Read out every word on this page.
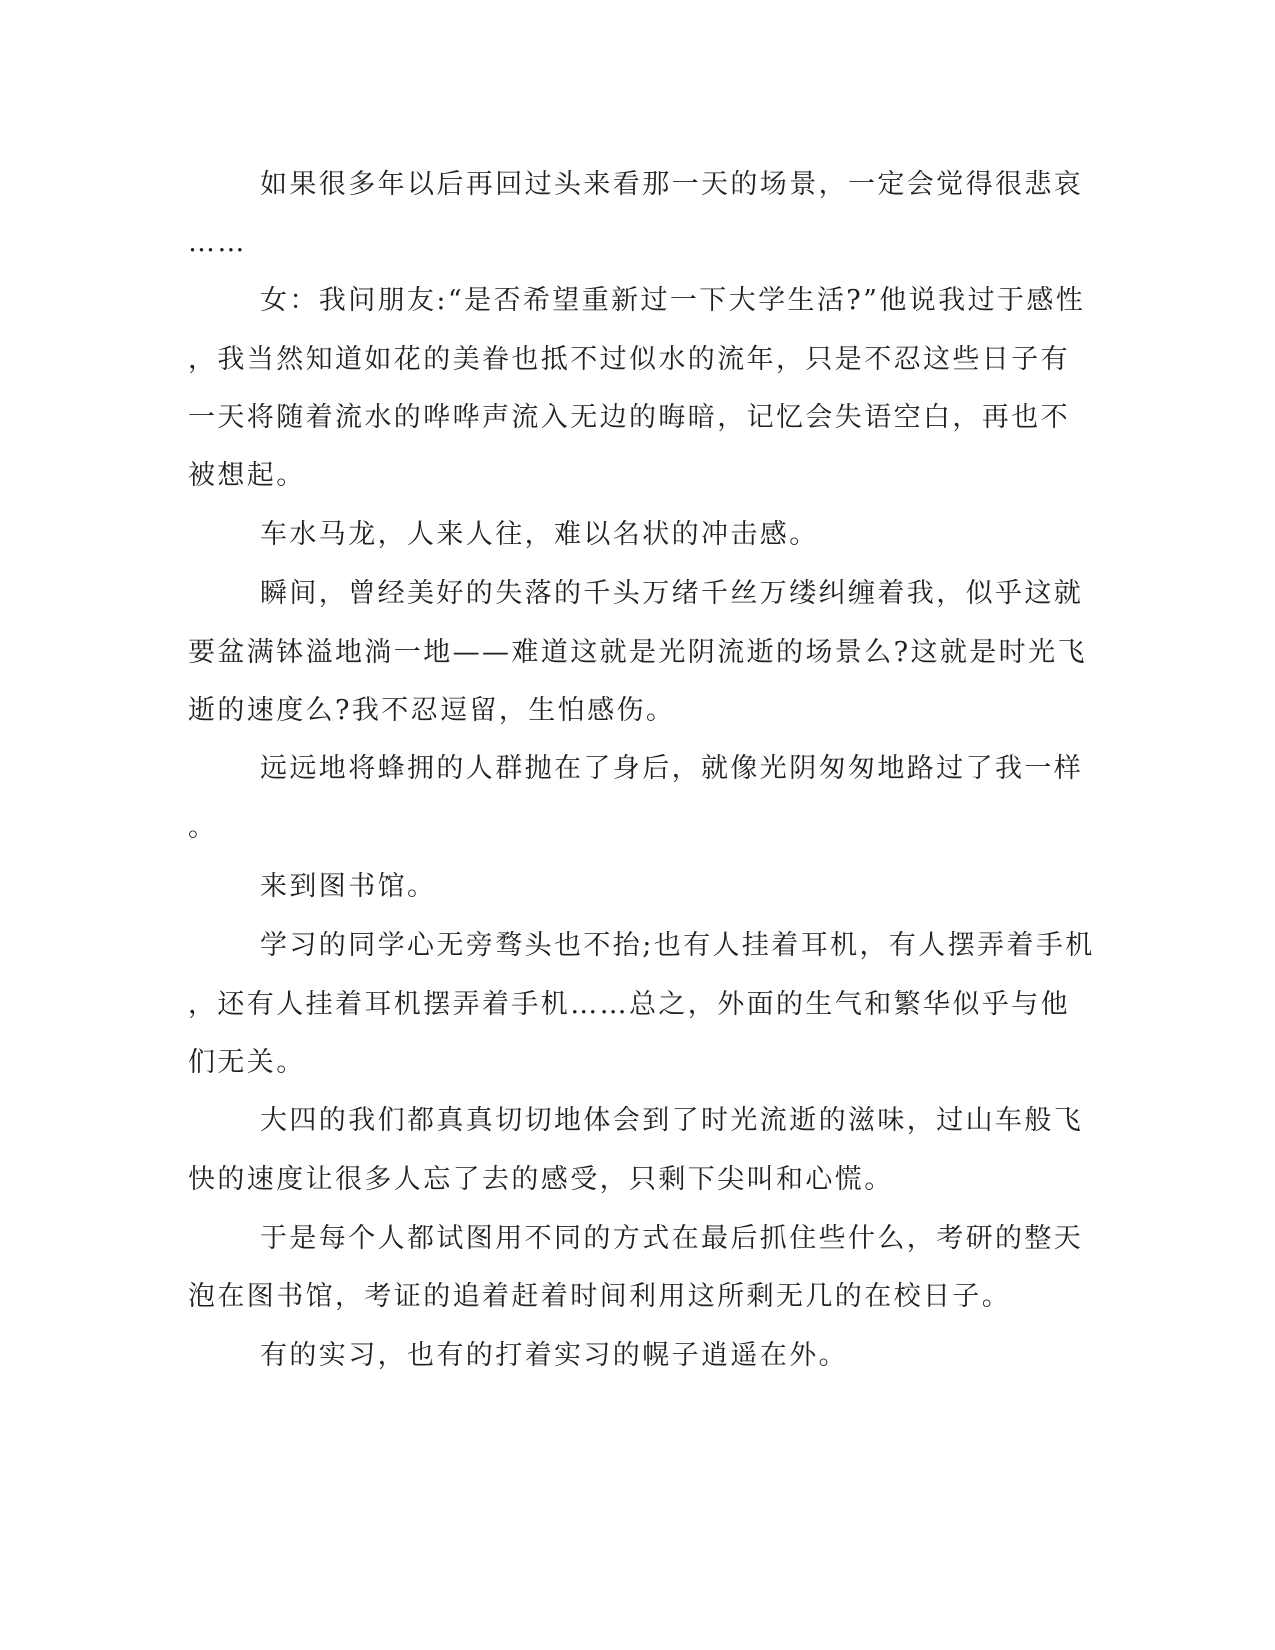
如果很多年以后再回过头来看那一天的场景，一定会觉得很悲哀
……
女：我问朋友:“是否希望重新过一下大学生活?”他说我过于感性
，我当然知道如花的美眷也抵不过似水的流年，只是不忍这些日子有
一天将随着流水的哗哗声流入无边的晦暗，记忆会失语空白，再也不
被想起。
车水马龙，人来人往，难以名状的冲击感。
瞬间，曾经美好的失落的千头万绪千丝万缕纠缠着我，似乎这就
要盆满钵溢地淌一地——难道这就是光阴流逝的场景么?这就是时光飞
逝的速度么?我不忍逗留，生怕感伤。
远远地将蜂拥的人群抛在了身后，就像光阴匆匆地路过了我一样
。
来到图书馆。
学习的同学心无旁骛头也不抬;也有人挂着耳机，有人摆弄着手机
，还有人挂着耳机摆弄着手机……总之，外面的生气和繁华似乎与他
们无关。
大四的我们都真真切切地体会到了时光流逝的滋味，过山车般飞
快的速度让很多人忘了去的感受，只剩下尖叫和心慌。
于是每个人都试图用不同的方式在最后抓住些什么，考研的整天
泡在图书馆，考证的追着赶着时间利用这所剩无几的在校日子。
有的实习，也有的打着实习的幌子逍遥在外。
